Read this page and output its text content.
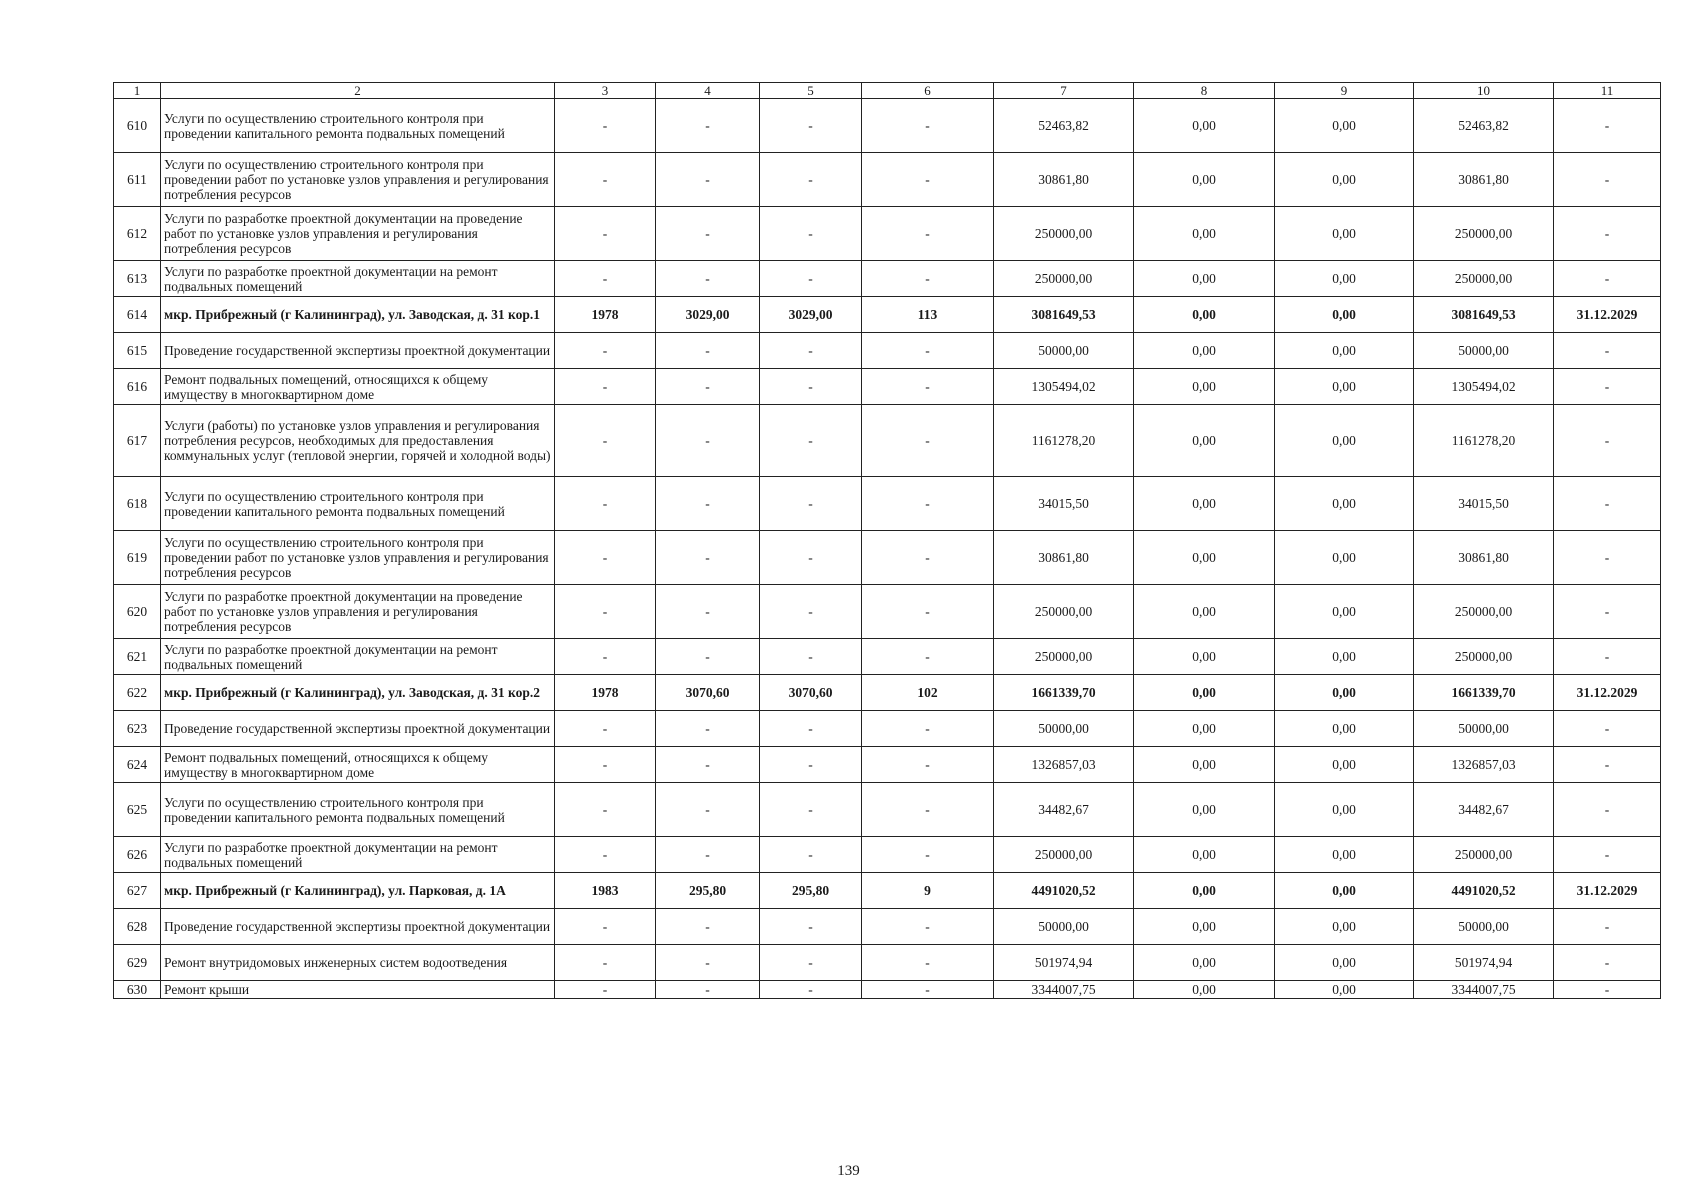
1	2	3	4	5	6	7	8	9	10	11
610	Услуги по осуществлению строительного контроля при проведении капитального ремонта подвальных помещений	-	-	-	-	52463,82	0,00	0,00	52463,82	-
611	Услуги по осуществлению строительного контроля при проведении работ по установке узлов управления и регулирования потребления ресурсов	-	-	-	-	30861,80	0,00	0,00	30861,80	-
612	Услуги по разработке проектной документации на проведение работ по установке узлов управления и регулирования потребления ресурсов	-	-	-	-	250000,00	0,00	0,00	250000,00	-
613	Услуги по разработке проектной документации на ремонт подвальных помещений	-	-	-	-	250000,00	0,00	0,00	250000,00	-
614	мкр. Прибрежный (г Калининград), ул. Заводская, д. 31 кор.1	1978	3029,00	3029,00	113	3081649,53	0,00	0,00	3081649,53	31.12.2029
615	Проведение государственной экспертизы проектной документации	-	-	-	-	50000,00	0,00	0,00	50000,00	-
616	Ремонт подвальных помещений, относящихся к общему имуществу в многоквартирном доме	-	-	-	-	1305494,02	0,00	0,00	1305494,02	-
617	Услуги (работы) по установке узлов управления и регулирования потребления ресурсов, необходимых для предоставления коммунальных услуг (тепловой энергии, горячей и холодной воды)	-	-	-	-	1161278,20	0,00	0,00	1161278,20	-
618	Услуги по осуществлению строительного контроля при проведении капитального ремонта подвальных помещений	-	-	-	-	34015,50	0,00	0,00	34015,50	-
619	Услуги по осуществлению строительного контроля при проведении работ по установке узлов управления и регулирования потребления ресурсов	-	-	-	-	30861,80	0,00	0,00	30861,80	-
620	Услуги по разработке проектной документации на проведение работ по установке узлов управления и регулирования потребления ресурсов	-	-	-	-	250000,00	0,00	0,00	250000,00	-
621	Услуги по разработке проектной документации на ремонт подвальных помещений	-	-	-	-	250000,00	0,00	0,00	250000,00	-
622	мкр. Прибрежный (г Калининград), ул. Заводская, д. 31 кор.2	1978	3070,60	3070,60	102	1661339,70	0,00	0,00	1661339,70	31.12.2029
623	Проведение государственной экспертизы проектной документации	-	-	-	-	50000,00	0,00	0,00	50000,00	-
624	Ремонт подвальных помещений, относящихся к общему имуществу в многоквартирном доме	-	-	-	-	1326857,03	0,00	0,00	1326857,03	-
625	Услуги по осуществлению строительного контроля при проведении капитального ремонта подвальных помещений	-	-	-	-	34482,67	0,00	0,00	34482,67	-
626	Услуги по разработке проектной документации на ремонт подвальных помещений	-	-	-	-	250000,00	0,00	0,00	250000,00	-
627	мкр. Прибрежный (г Калининград), ул. Парковая, д. 1А	1983	295,80	295,80	9	4491020,52	0,00	0,00	4491020,52	31.12.2029
628	Проведение государственной экспертизы проектной документации	-	-	-	-	50000,00	0,00	0,00	50000,00	-
629	Ремонт внутридомовых инженерных систем водоотведения	-	-	-	-	501974,94	0,00	0,00	501974,94	-
630	Ремонт крыши	-	-	-	-	3344007,75	0,00	0,00	3344007,75	-
139
